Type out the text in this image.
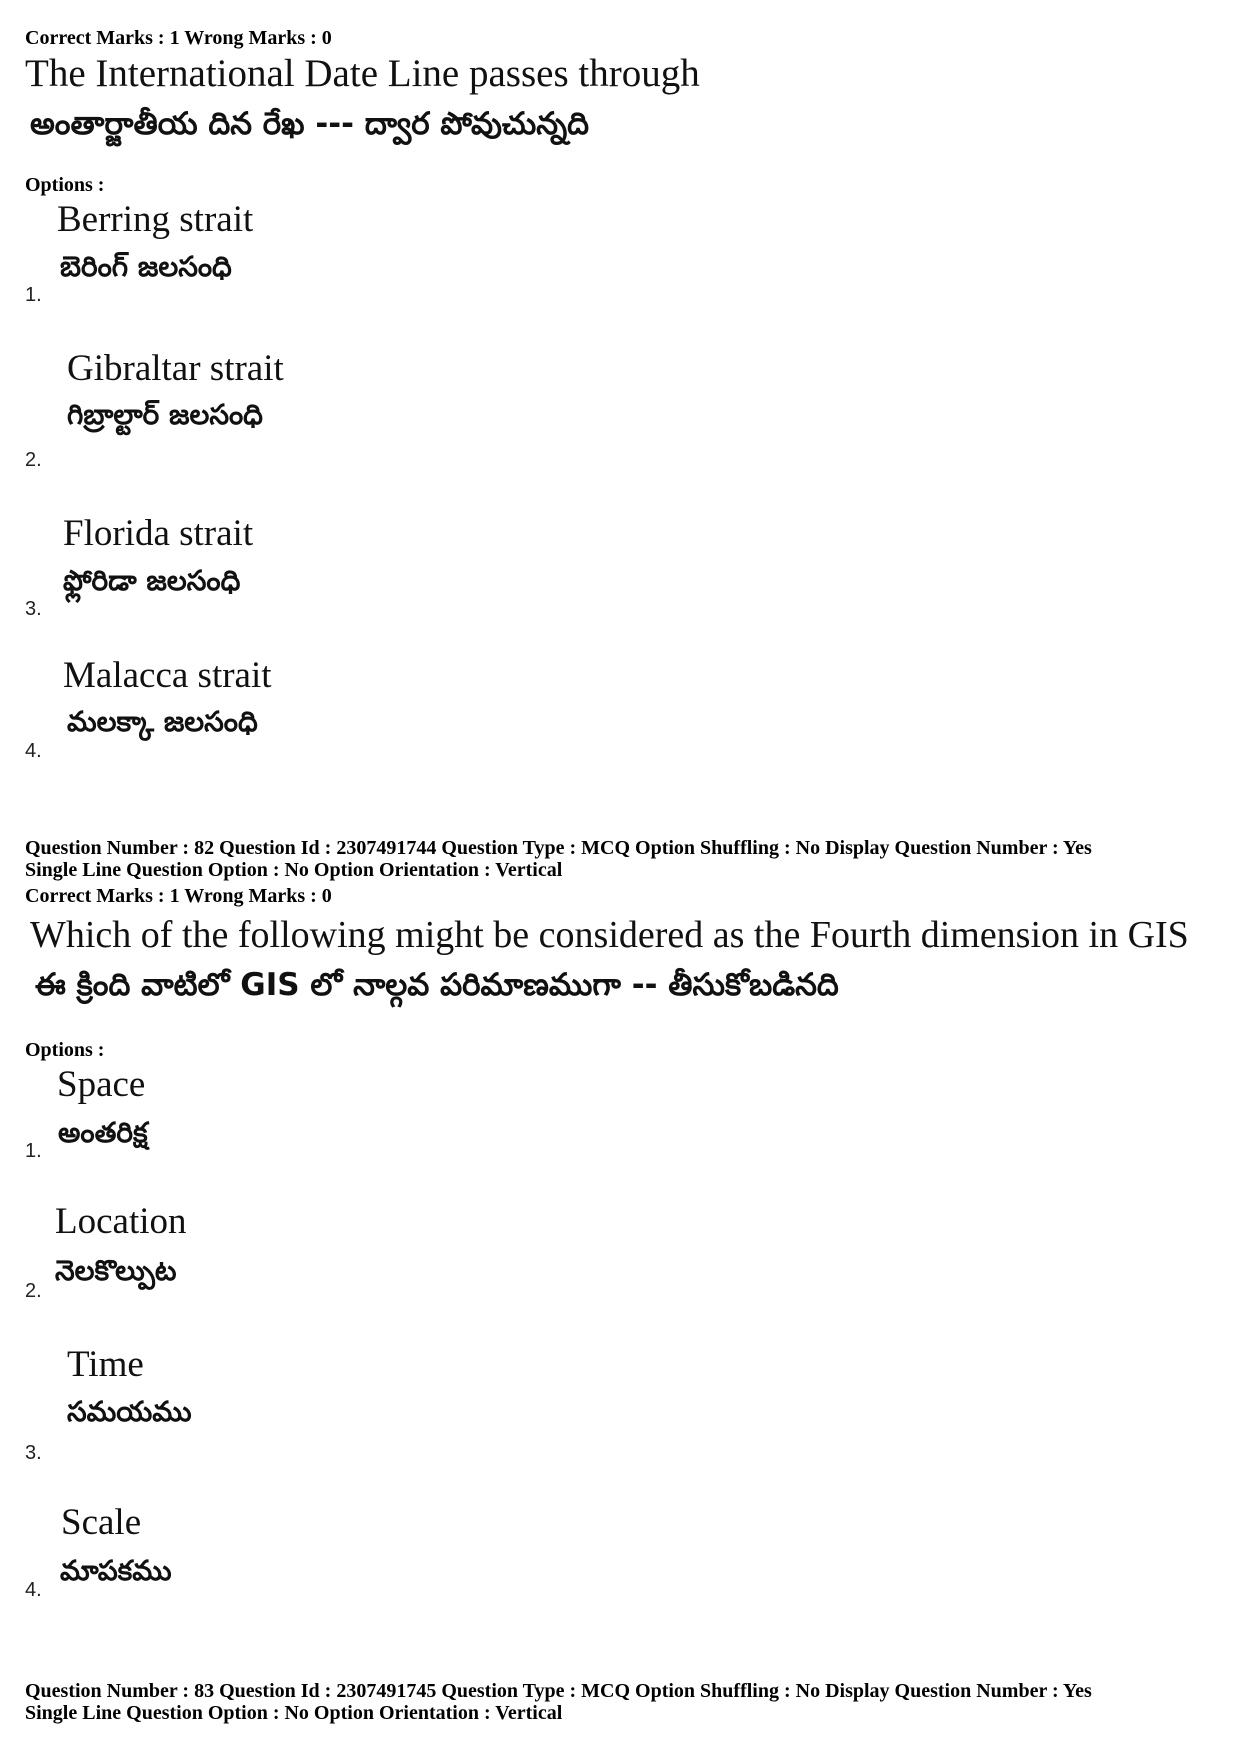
Correct Marks : 1 Wrong Marks : 0
The International Date Line passes through
అంతార్జాతీయ దిన రేఖ --- ద్వార పోవుచున్నది
Options :
Berring strait
బెరింగ్ జలసంధి
1.
Gibraltar strait
గిబ్రాల్టార్ జలసంధి
2.
Florida strait
ఫ్లోరిడా జలసంధి
3.
Malacca strait
మలక్కా జలసంధి
4.
Question Number : 82 Question Id : 2307491744 Question Type : MCQ Option Shuffling : No Display Question Number : Yes
Single Line Question Option : No Option Orientation : Vertical
Correct Marks : 1 Wrong Marks : 0
Which of the following might be considered as the Fourth dimension in GIS
ఈ క్రింది వాటిలో GIS లో నాల్గవ పరిమాణముగా -- తీసుకోబడినది
Options :
Space
అంతరిక్ష
1.
Location
నెలకొల్పుట
2.
Time
సమయము
3.
Scale
మాపకము
4.
Question Number : 83 Question Id : 2307491745 Question Type : MCQ Option Shuffling : No Display Question Number : Yes
Single Line Question Option : No Option Orientation : Vertical
